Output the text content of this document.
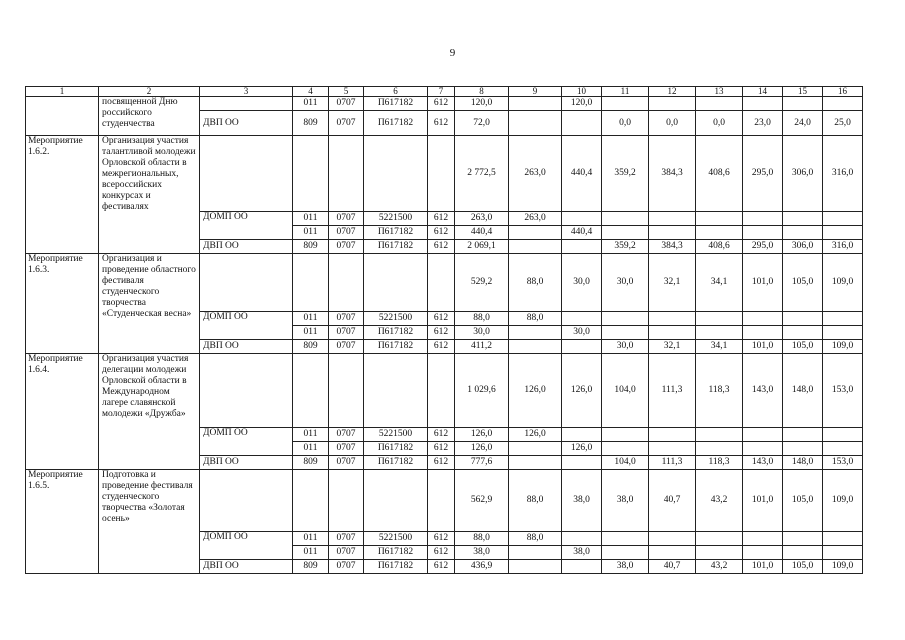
9
1	2	3	4	5	6	7	8	9	10	11	12	13	14	15	16
	посвященной Дню российского студенчества		011	0707	П617182	612	120,0		120,0						
		ДВП ОО	809	0707	П617182	612	72,0			0,0	0,0	0,0	23,0	24,0	25,0
Мероприятие 1.6.2.	Организация участия талантливой молодежи Орловской области в межрегиональных, всероссийских конкурсах и фестивалях						2 772,5	263,0	440,4	359,2	384,3	408,6	295,0	306,0	316,0
		ДОМП ОО	011	0707	5221500	612	263,0	263,0							
			011	0707	П617182	612	440,4		440,4						
		ДВП ОО	809	0707	П617182	612	2 069,1			359,2	384,3	408,6	295,0	306,0	316,0
Мероприятие 1.6.3.	Организация и проведение областного фестиваля студенческого творчества «Студенческая весна»						529,2	88,0	30,0	30,0	32,1	34,1	101,0	105,0	109,0
		ДОМП ОО	011	0707	5221500	612	88,0	88,0							
			011	0707	П617182	612	30,0		30,0						
		ДВП ОО	809	0707	П617182	612	411,2			30,0	32,1	34,1	101,0	105,0	109,0
Мероприятие 1.6.4.	Организация участия делегации молодежи Орловской области в Международном лагере славянской молодежи «Дружба»						1 029,6	126,0	126,0	104,0	111,3	118,3	143,0	148,0	153,0
		ДОМП ОО	011	0707	5221500	612	126,0	126,0							
			011	0707	П617182	612	126,0		126,0						
		ДВП ОО	809	0707	П617182	612	777,6			104,0	111,3	118,3	143,0	148,0	153,0
Мероприятие 1.6.5.	Подготовка и проведение фестиваля студенческого творчества «Золотая осень»						562,9	88,0	38,0	38,0	40,7	43,2	101,0	105,0	109,0
		ДОМП ОО	011	0707	5221500	612	88,0	88,0							
			011	0707	П617182	612	38,0		38,0						
		ДВП ОО	809	0707	П617182	612	436,9			38,0	40,7	43,2	101,0	105,0	109,0
